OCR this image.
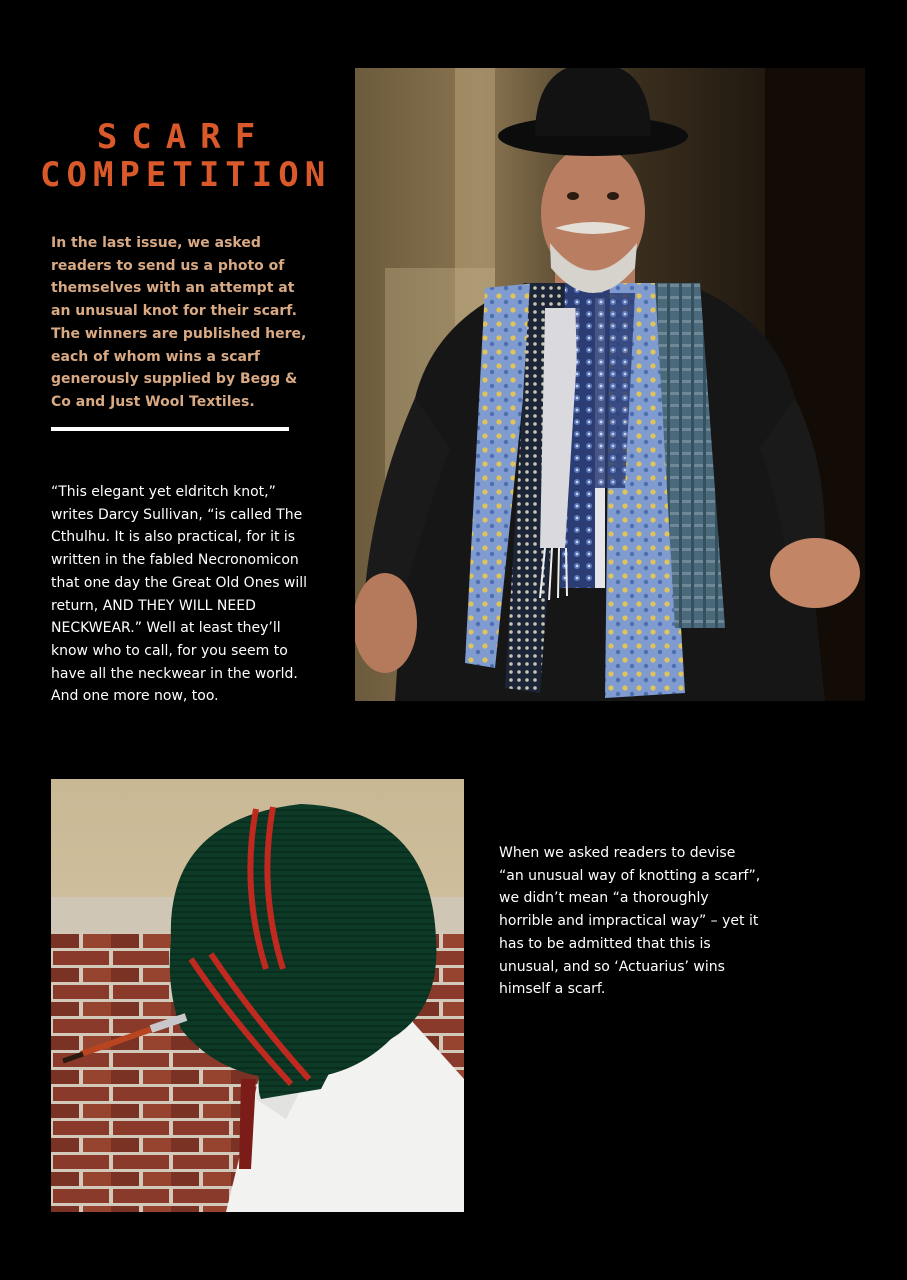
SCARF
COMPETITION

In the last issue, we asked readers to send us a photo of themselves with an attempt at an unusual knot for their scarf. The winners are published here, each of whom wins a scarf generously supplied by Begg & Co and Just Wool Textiles.

“This elegant yet eldritch knot,” writes Darcy Sullivan, “is called The Cthulhu. It is also practical, for it is written in the fabled Necronomicon that one day the Great Old Ones will return, AND THEY WILL NEED NECKWEAR.” Well at least they’ll know who to call, for you seem to have all the neckwear in the world. And one more now, too.

When we asked readers to devise “an unusual way of knotting a scarf”, we didn’t mean “a thoroughly horrible and impractical way” – yet it has to be admitted that this is unusual, and so ‘Actuarius’ wins himself a scarf.
